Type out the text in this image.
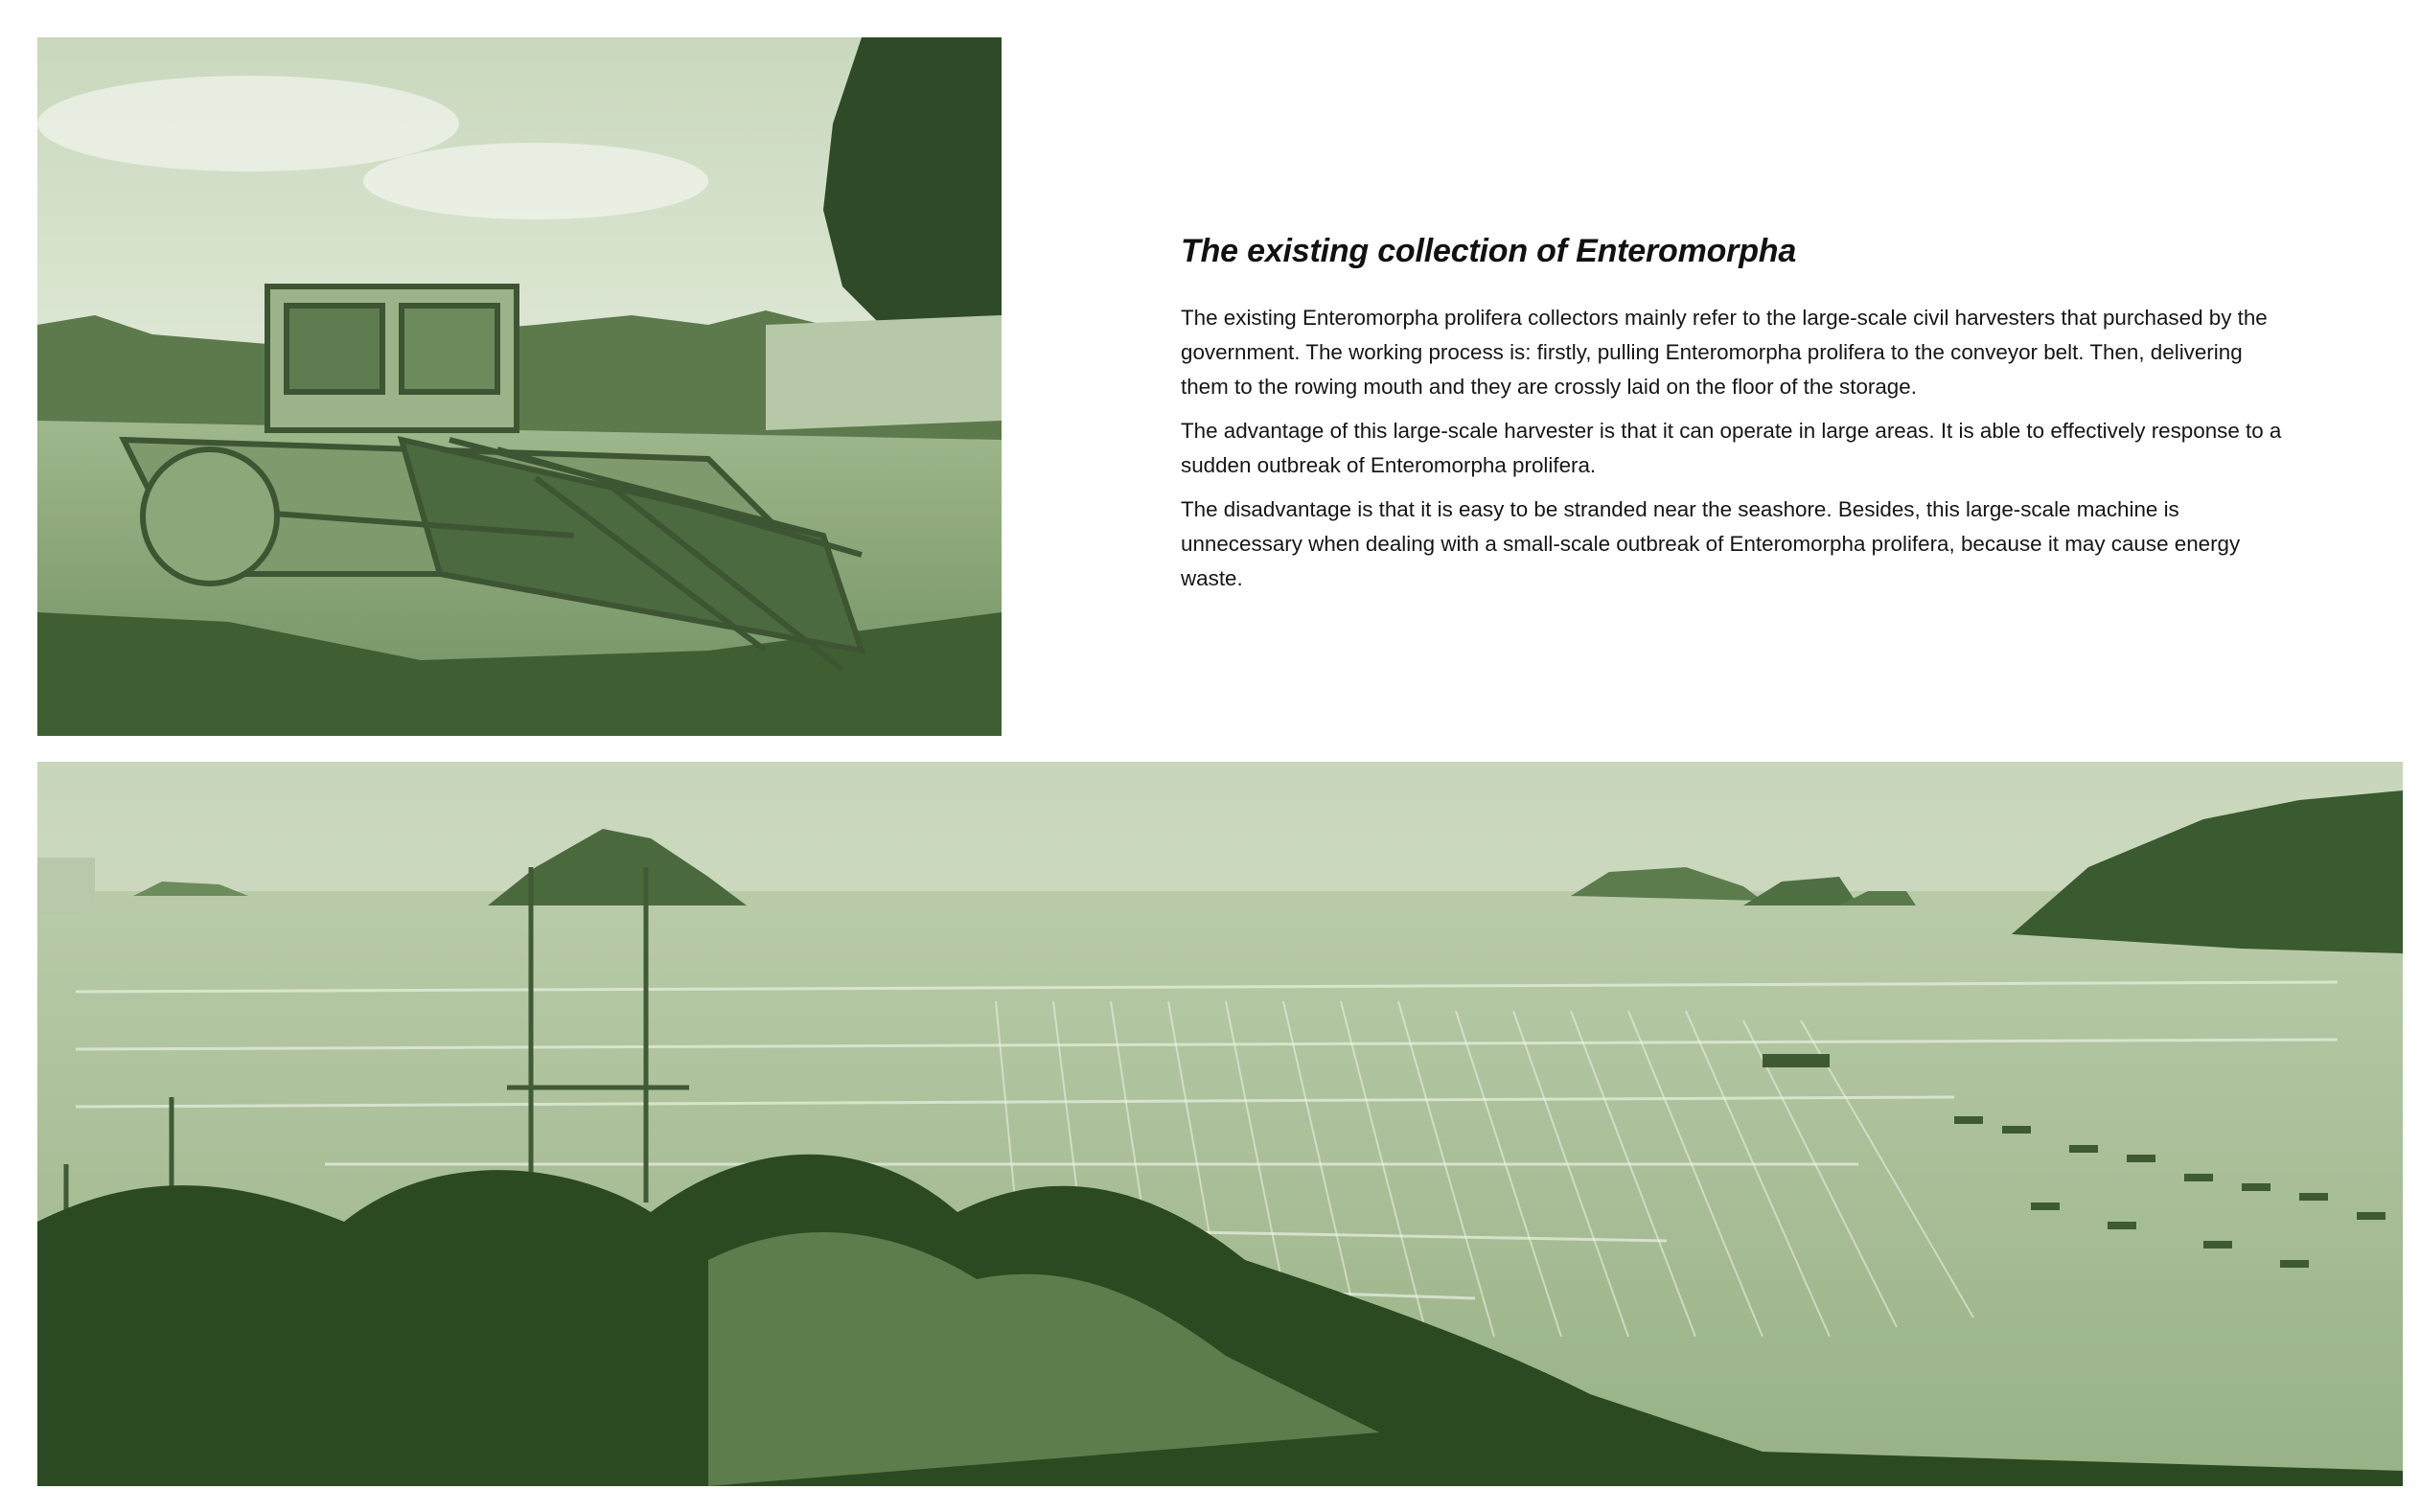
The existing collection of Enteromorpha

The existing Enteromorpha prolifera collectors mainly refer to the large-scale civil harvesters that purchased by the government. The working process is: firstly, pulling Enteromorpha prolifera to the conveyor belt. Then, delivering them to the rowing mouth and they are crossly laid on the floor of the storage.

The advantage of this large-scale harvester is that it can operate in large areas. It is able to effectively response to a sudden outbreak of Enteromorpha prolifera.

The disadvantage is that it is easy to be stranded near the seashore. Besides, this large-scale machine is unnecessary when dealing with a small-scale outbreak of Enteromorpha prolifera, because it may cause energy waste.
